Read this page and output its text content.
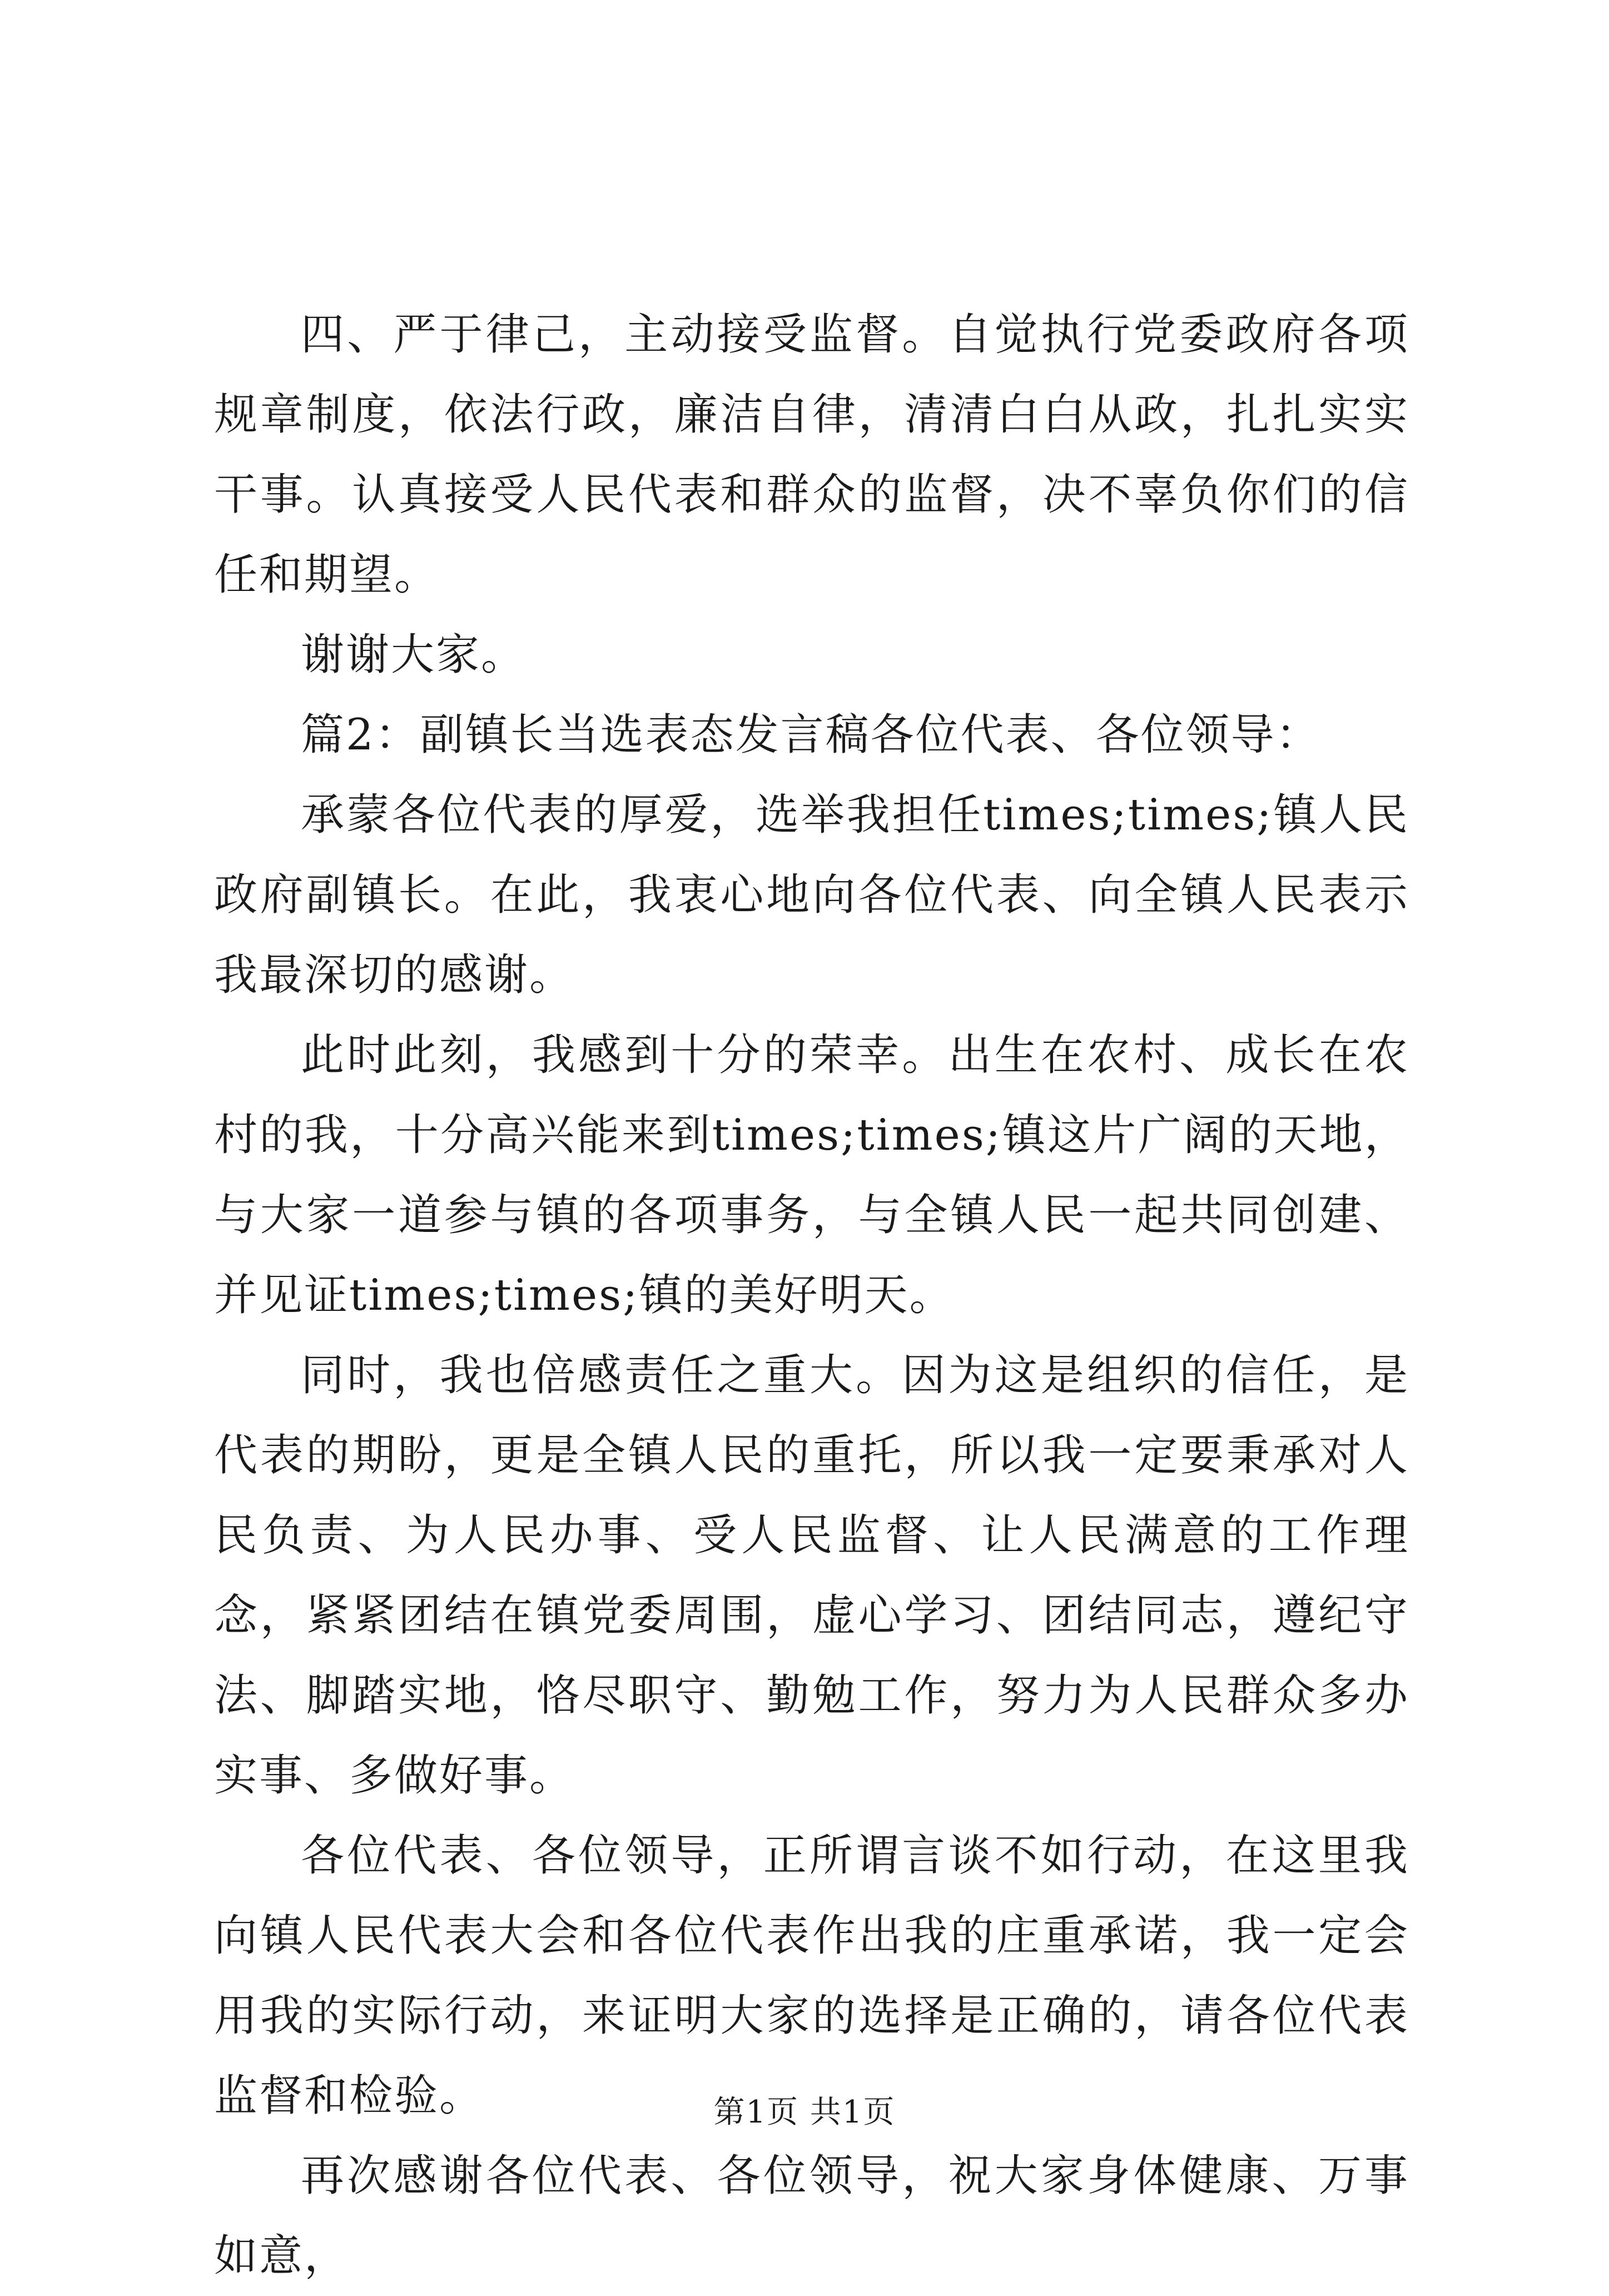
四、严于律己，主动接受监督。自觉执行党委政府各项规章制度，依法行政，廉洁自律，清清白白从政，扎扎实实干事。认真接受人民代表和群众的监督，决不辜负你们的信任和期望。

谢谢大家。

篇2：副镇长当选表态发言稿各位代表、各位领导：

承蒙各位代表的厚爱，选举我担任times;times;镇人民政府副镇长。在此，我衷心地向各位代表、向全镇人民表示我最深切的感谢。

此时此刻，我感到十分的荣幸。出生在农村、成长在农村的我，十分高兴能来到times;times;镇这片广阔的天地，与大家一道参与镇的各项事务，与全镇人民一起共同创建、并见证times;times;镇的美好明天。

同时，我也倍感责任之重大。因为这是组织的信任，是代表的期盼，更是全镇人民的重托，所以我一定要秉承对人民负责、为人民办事、受人民监督、让人民满意的工作理念，紧紧团结在镇党委周围，虚心学习、团结同志，遵纪守法、脚踏实地，恪尽职守、勤勉工作，努力为人民群众多办实事、多做好事。

各位代表、各位领导，正所谓言谈不如行动，在这里我向镇人民代表大会和各位代表作出我的庄重承诺，我一定会用我的实际行动，来证明大家的选择是正确的，请各位代表监督和检验。

再次感谢各位代表、各位领导，祝大家身体健康、万事如意，

第1页 共1页
